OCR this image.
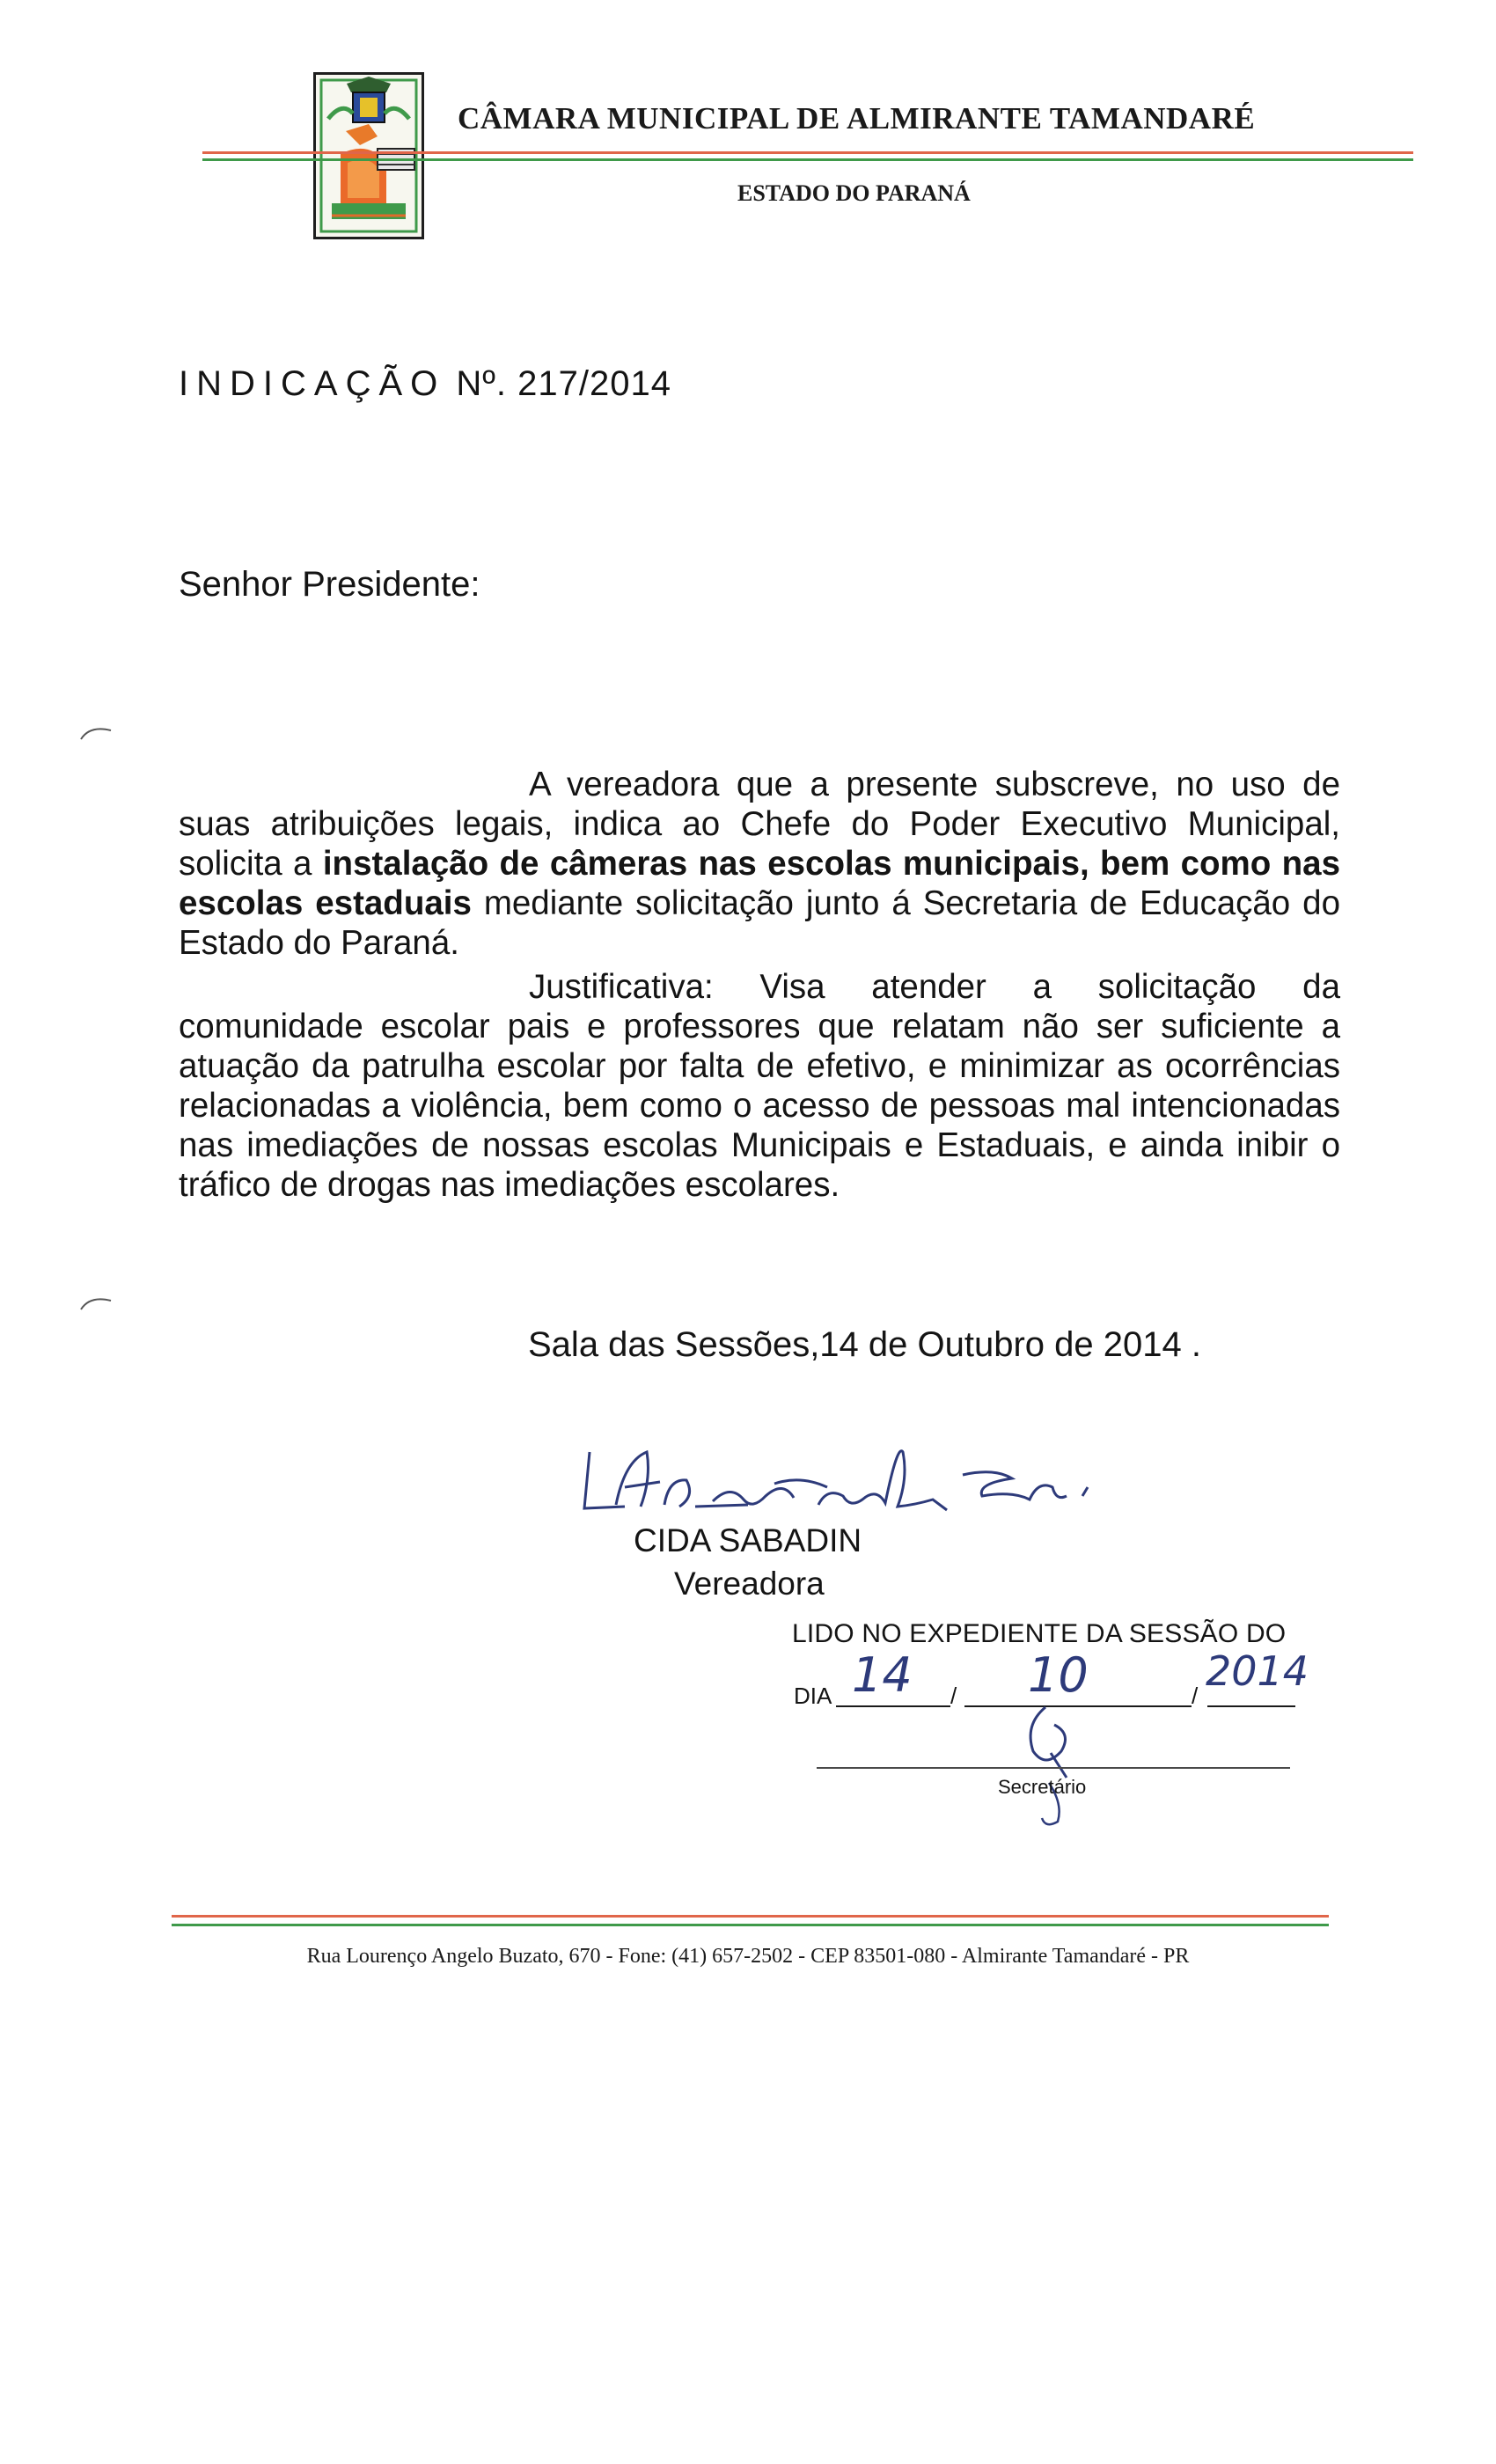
CÂMARA MUNICIPAL DE ALMIRANTE TAMANDARÉ
ESTADO DO PARANÁ
INDICAÇÃO Nº. 217/2014
Senhor Presidente:
A vereadora que a presente subscreve, no uso de suas atribuições legais, indica ao Chefe do Poder Executivo Municipal, solicita a instalação de câmeras nas escolas municipais, bem como nas escolas estaduais mediante solicitação junto á Secretaria de Educação do Estado do Paraná.
Justificativa: Visa atender a solicitação da comunidade escolar pais e professores que relatam não ser suficiente a atuação da patrulha escolar por falta de efetivo, e minimizar as ocorrências relacionadas a violência, bem como o acesso de pessoas mal intencionadas nas imediações de nossas escolas Municipais e Estaduais, e ainda inibir o tráfico de drogas nas imediações escolares.
Sala das Sessões,14 de Outubro de 2014 .
CIDA SABADIN
Vereadora
LIDO NO EXPEDIENTE DA SESSÃO DO
DIA	/	/
14 10	2014
Secretário
Rua Lourenço Angelo Buzato, 670 - Fone: (41) 657-2502 - CEP 83501-080 - Almirante Tamandaré - PR
